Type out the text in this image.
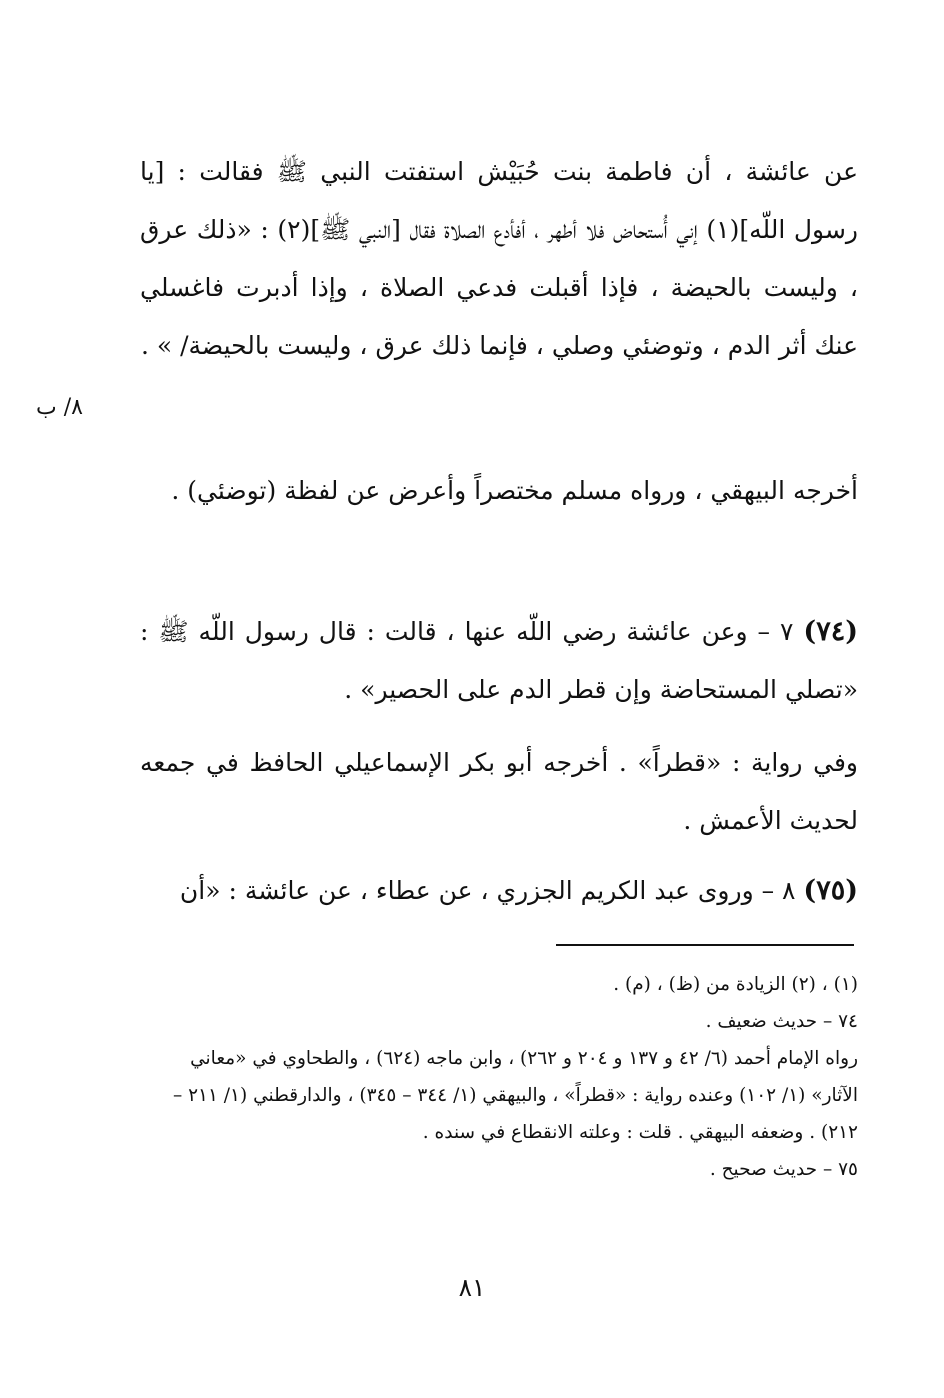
٨/ ب

عن عائشة ، أن فاطمة بنت حُبَيْش استفتت النبي ﷺ فقالت : [يا رسول اللّه](١) إني أُستحاض فلا أطهر ، أفأدع الصلاة فقال [النبي ﷺ](٢) : «ذلك عرق ، وليست بالحيضة ، فإذا أقبلت فدعي الصلاة ، وإذا أدبرت فاغسلي عنك أثر الدم ، وتوضئي وصلي ، فإنما ذلك عرق ، وليست بالحيضة/ » .

أخرجه البيهقي ، ورواه مسلم مختصراً وأعرض عن لفظة (توضئي) .

(٧٤) ٧ – وعن عائشة رضي اللّه عنها ، قالت : قال رسول اللّه ﷺ : «تصلي المستحاضة وإن قطر الدم على الحصير» .

وفي رواية : «قطراً» . أخرجه أبو بكر الإسماعيلي الحافظ في جمعه لحديث الأعمش .

(٧٥) ٨ – وروى عبد الكريم الجزري ، عن عطاء ، عن عائشة : «أن

(١) ، (٢) الزيادة من (ظ) ، (م) .

٧٤ – حديث ضعيف .

رواه الإمام أحمد (٦/ ٤٢ و ١٣٧ و ٢٠٤ و ٢٦٢) ، وابن ماجه (٦٢٤) ، والطحاوي في «معاني الآثار» (١/ ١٠٢) وعنده رواية : «قطراً» ، والبيهقي (١/ ٣٤٤ – ٣٤٥) ، والدارقطني (١/ ٢١١ – ٢١٢) . وضعفه البيهقي . قلت : وعلته الانقطاع في سنده .

٧٥ – حديث صحيح .

٨١
